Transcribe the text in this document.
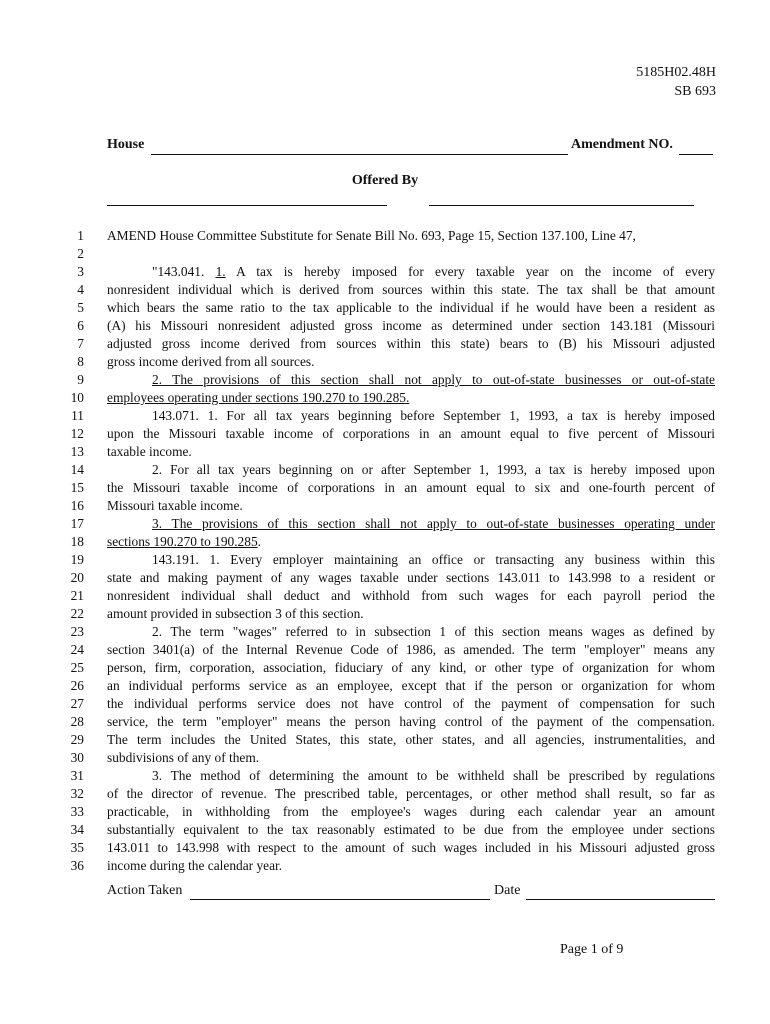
5185H02.48H
SB 693
House	Amendment NO.
Offered By
1 AMEND House Committee Substitute for Senate Bill No. 693, Page 15, Section 137.100, Line 47,
2
3	"143.041. 1. A tax is hereby imposed for every taxable year on the income of every
4 nonresident individual which is derived from sources within this state. The tax shall be that amount
5 which bears the same ratio to the tax applicable to the individual if he would have been a resident as
6 (A) his Missouri nonresident adjusted gross income as determined under section 143.181 (Missouri
7 adjusted gross income derived from sources within this state) bears to (B) his Missouri adjusted
8 gross income derived from all sources.
9	2. The provisions of this section shall not apply to out-of-state businesses or out-of-state
10 employees operating under sections 190.270 to 190.285.
11	143.071. 1. For all tax years beginning before September 1, 1993, a tax is hereby imposed
12 upon the Missouri taxable income of corporations in an amount equal to five percent of Missouri
13 taxable income.
14	2. For all tax years beginning on or after September 1, 1993, a tax is hereby imposed upon
15 the Missouri taxable income of corporations in an amount equal to six and one-fourth percent of
16 Missouri taxable income.
17	3. The provisions of this section shall not apply to out-of-state businesses operating under
18 sections 190.270 to 190.285.
19	143.191. 1. Every employer maintaining an office or transacting any business within this
20 state and making payment of any wages taxable under sections 143.011 to 143.998 to a resident or
21 nonresident individual shall deduct and withhold from such wages for each payroll period the
22 amount provided in subsection 3 of this section.
23	2. The term "wages" referred to in subsection 1 of this section means wages as defined by
24 section 3401(a) of the Internal Revenue Code of 1986, as amended. The term "employer" means any
25 person, firm, corporation, association, fiduciary of any kind, or other type of organization for whom
26 an individual performs service as an employee, except that if the person or organization for whom
27 the individual performs service does not have control of the payment of compensation for such
28 service, the term "employer" means the person having control of the payment of the compensation.
29 The term includes the United States, this state, other states, and all agencies, instrumentalities, and
30 subdivisions of any of them.
31	3. The method of determining the amount to be withheld shall be prescribed by regulations
32 of the director of revenue. The prescribed table, percentages, or other method shall result, so far as
33 practicable, in withholding from the employee's wages during each calendar year an amount
34 substantially equivalent to the tax reasonably estimated to be due from the employee under sections
35 143.011 to 143.998 with respect to the amount of such wages included in his Missouri adjusted gross
36 income during the calendar year.
Action Taken	Date
Page 1 of 9
